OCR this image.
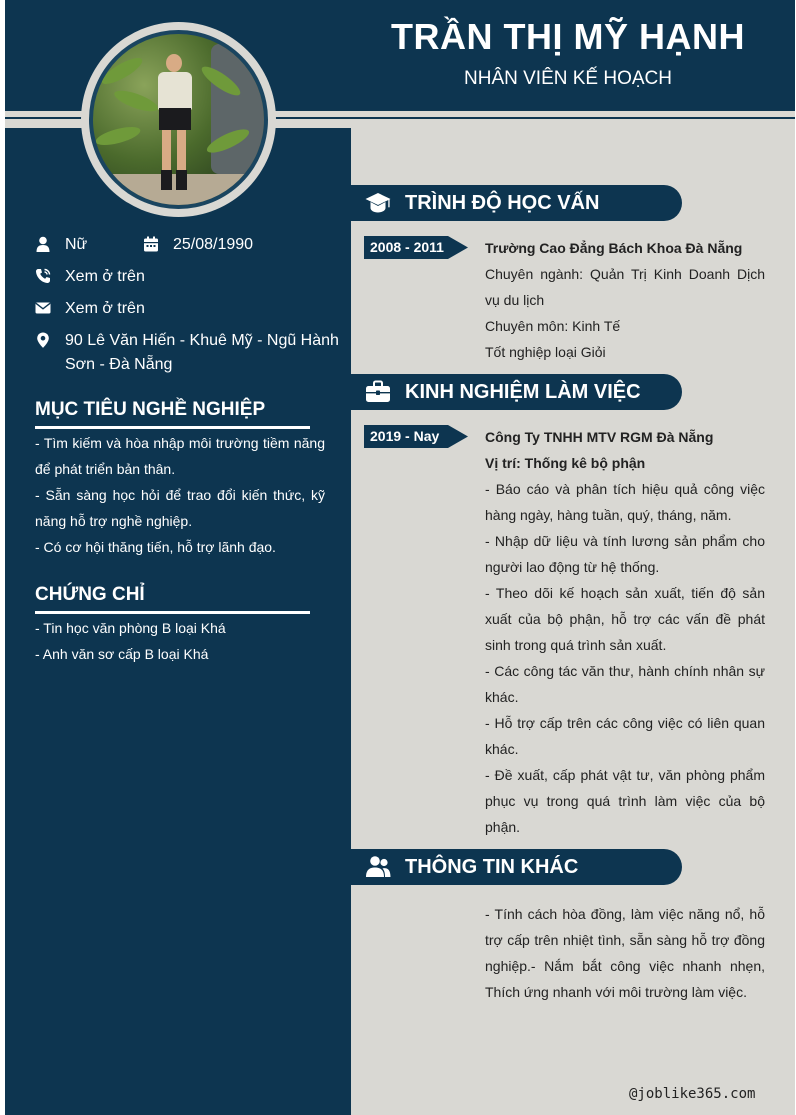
TRẦN THỊ MỸ HẠNH
NHÂN VIÊN KẾ HOẠCH
Nữ	25/08/1990
Xem ở trên
Xem ở trên
90 Lê Văn Hiến - Khuê Mỹ - Ngũ Hành
Sơn - Đà Nẵng
MỤC TIÊU NGHỀ NGHIỆP
- Tìm kiếm và hòa nhập môi trường tiềm năng để phát triển bản thân.
- Sẵn sàng học hỏi để trao đổi kiến thức, kỹ năng hỗ trợ nghề nghiệp.
- Có cơ hội thăng tiến, hỗ trợ lãnh đạo.
CHỨNG CHỈ
- Tin học văn phòng B loại Khá
- Anh văn sơ cấp B loại Khá
TRÌNH ĐỘ HỌC VẤN
2008 - 2011	Trường Cao Đẳng Bách Khoa Đà Nẵng
Chuyên ngành: Quản Trị Kinh Doanh Dịch vụ du lịch
Chuyên môn: Kinh Tế
Tốt nghiệp loại Giỏi
KINH NGHIỆM LÀM VIỆC
2019 - Nay	Công Ty TNHH MTV RGM Đà Nẵng
Vị trí: Thống kê bộ phận
- Báo cáo và phân tích hiệu quả công việc hàng ngày, hàng tuần, quý, tháng, năm.
- Nhập dữ liệu và tính lương sản phẩm cho người lao động từ hệ thống.
- Theo dõi kế hoạch sản xuất, tiến độ sản xuất của bộ phận, hỗ trợ các vấn đề phát sinh trong quá trình sản xuất.
- Các công tác văn thư, hành chính nhân sự khác.
- Hỗ trợ cấp trên các công việc có liên quan khác.
- Đề xuất, cấp phát vật tư, văn phòng phẩm phục vụ trong quá trình làm việc của bộ phận.
THÔNG TIN KHÁC
- Tính cách hòa đồng, làm việc năng nổ, hỗ trợ cấp trên nhiệt tình, sẵn sàng hỗ trợ đồng nghiệp.- Nắm bắt công việc nhanh nhẹn, Thích ứng nhanh với môi trường làm việc.
@joblike365.com
